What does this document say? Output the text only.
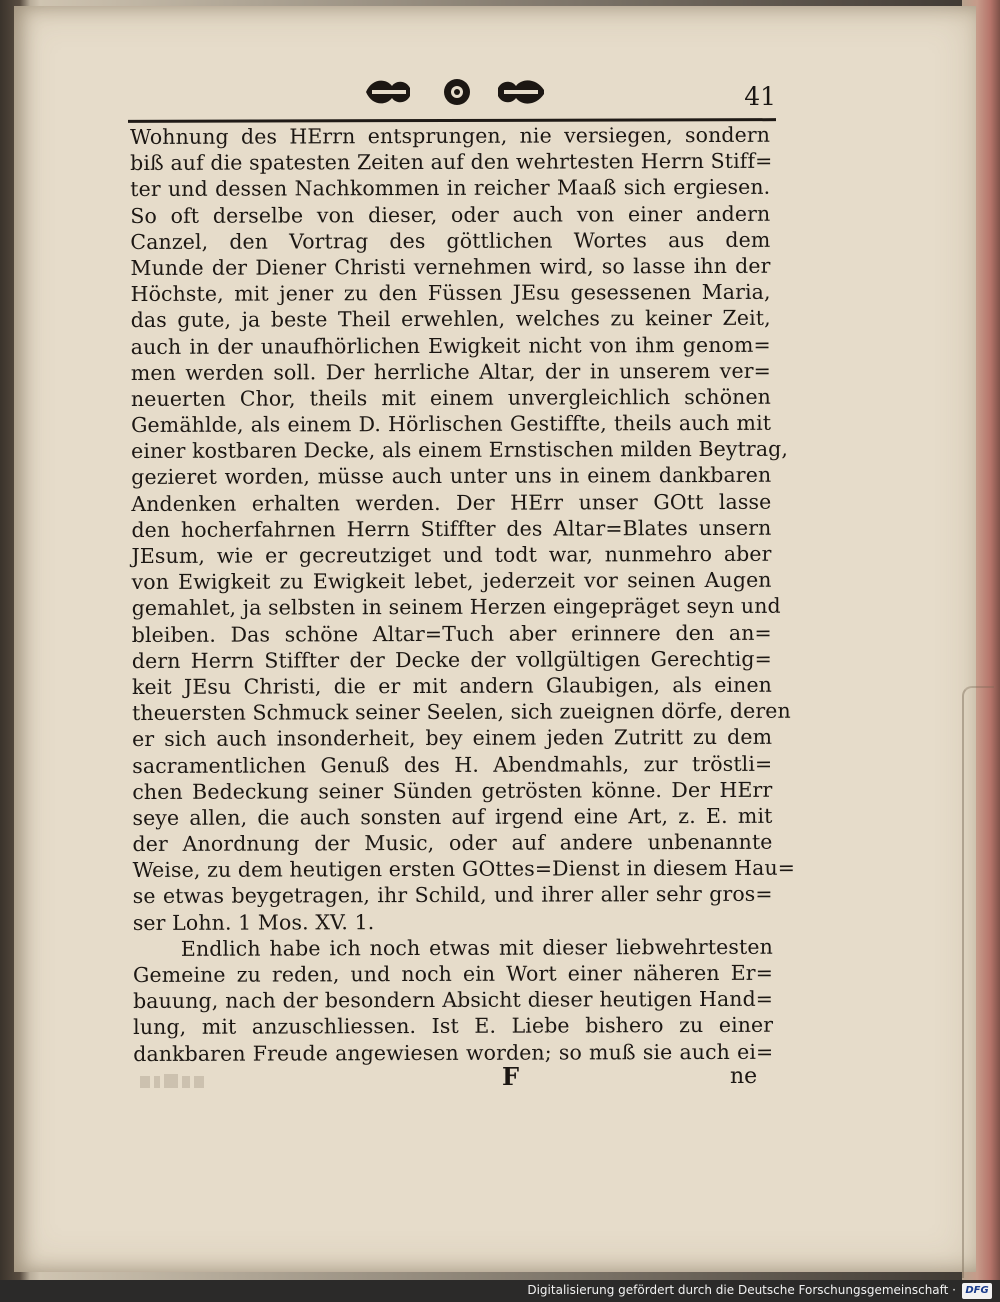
41
Wohnung des HErrn entsprungen, nie versiegen, sondern
biß auf die spatesten Zeiten auf den wehrtesten Herrn Stiff=
ter und dessen Nachkommen in reicher Maaß sich ergiesen.
So oft derselbe von dieser, oder auch von einer andern
Canzel, den Vortrag des göttlichen Wortes aus dem
Munde der Diener Christi vernehmen wird, so lasse ihn der
Höchste, mit jener zu den Füssen JEsu gesessenen Maria,
das gute, ja beste Theil erwehlen, welches zu keiner Zeit,
auch in der unaufhörlichen Ewigkeit nicht von ihm genom=
men werden soll. Der herrliche Altar, der in unserem ver=
neuerten Chor, theils mit einem unvergleichlich schönen
Gemählde, als einem D. Hörlischen Gestiffte, theils auch mit
einer kostbaren Decke, als einem Ernstischen milden Beytrag,
gezieret worden, müsse auch unter uns in einem dankbaren
Andenken erhalten werden. Der HErr unser GOtt lasse
den hocherfahrnen Herrn Stiffter des Altar=Blates unsern
JEsum, wie er gecreutziget und todt war, nunmehro aber
von Ewigkeit zu Ewigkeit lebet, jederzeit vor seinen Augen
gemahlet, ja selbsten in seinem Herzen eingepräget seyn und
bleiben. Das schöne Altar=Tuch aber erinnere den an=
dern Herrn Stiffter der Decke der vollgültigen Gerechtig=
keit JEsu Christi, die er mit andern Glaubigen, als einen
theuersten Schmuck seiner Seelen, sich zueignen dörfe, deren
er sich auch insonderheit, bey einem jeden Zutritt zu dem
sacramentlichen Genuß des H. Abendmahls, zur tröstli=
chen Bedeckung seiner Sünden getrösten könne. Der HErr
seye allen, die auch sonsten auf irgend eine Art, z. E. mit
der Anordnung der Music, oder auf andere unbenannte
Weise, zu dem heutigen ersten GOttes=Dienst in diesem Hau=
se etwas beygetragen, ihr Schild, und ihrer aller sehr gros=
ser Lohn. 1 Mos. XV. 1.
Endlich habe ich noch etwas mit dieser liebwehrtesten
Gemeine zu reden, und noch ein Wort einer näheren Er=
bauung, nach der besondern Absicht dieser heutigen Hand=
lung, mit anzuschliessen. Ist E. Liebe bishero zu einer
dankbaren Freude angewiesen worden; so muß sie auch ei=
F	ne
Digitalisierung gefördert durch die Deutsche Forschungsgemeinschaft · DFG
